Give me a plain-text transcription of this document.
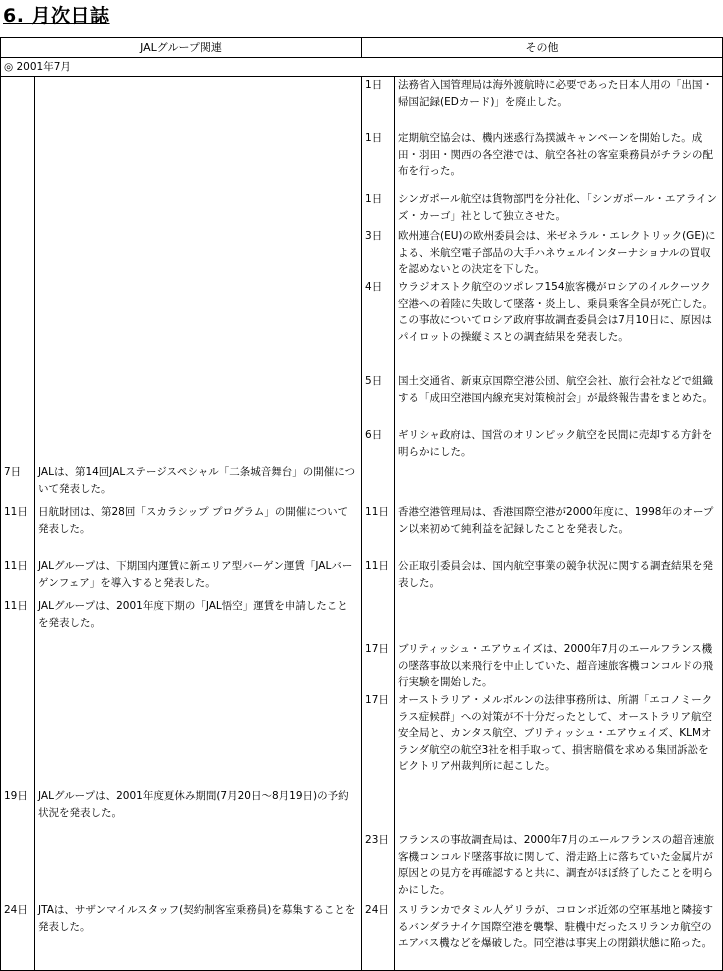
6. 月次日誌
JALグループ関連		その他	
◎ 2001年7月			
		1日	法務省入国管理局は海外渡航時に必要であった日本人用の「出国・帰国記録(EDカード)」を廃止した。
		1日	定期航空協会は、機内迷惑行為撲滅キャンペーンを開始した。成田・羽田・関西の各空港では、航空各社の客室乗務員がチラシの配布を行った。
		1日	シンガポール航空は貨物部門を分社化、「シンガポール・エアラインズ・カーゴ」社として独立させた。
		3日	欧州連合(EU)の欧州委員会は、米ゼネラル・エレクトリック(GE)による、米航空電子部品の大手ハネウェルインターナショナルの買収を認めないとの決定を下した。
		4日	ウラジオストク航空のツポレフ154旅客機がロシアのイルクーツク空港への着陸に失敗して墜落・炎上し、乗員乗客全員が死亡した。この事故についてロシア政府事故調査委員会は7月10日に、原因はパイロットの操縦ミスとの調査結果を発表した。
		5日	国土交通省、新東京国際空港公団、航空会社、旅行会社などで組織する「成田空港国内線充実対策検討会」が最終報告書をまとめた。
		6日	ギリシャ政府は、国営のオリンピック航空を民間に売却する方針を明らかにした。
7日	JALは、第14回JALステージスペシャル「二条城音舞台」の開催について発表した。		
11日	日航財団は、第28回「スカラシップ プログラム」の開催について発表した。	11日	香港空港管理局は、香港国際空港が2000年度に、1998年のオープン以来初めて純利益を記録したことを発表した。
11日	JALグループは、下期国内運賃に新エリア型バーゲン運賃「JALバーゲンフェア」を導入すると発表した。	11日	公正取引委員会は、国内航空事業の競争状況に関する調査結果を発表した。
11日	JALグループは、2001年度下期の「JAL悟空」運賃を申請したことを発表した。		
		17日	ブリティッシュ・エアウェイズは、2000年7月のエールフランス機の墜落事故以来飛行を中止していた、超音速旅客機コンコルドの飛行実験を開始した。
		17日	オーストラリア・メルボルンの法律事務所は、所謂「エコノミークラス症候群」への対策が不十分だったとして、オーストラリア航空安全局と、カンタス航空、ブリティッシュ・エアウェイズ、KLMオランダ航空の航空3社を相手取って、損害賠償を求める集団訴訟をビクトリア州裁判所に起こした。
19日	JALグループは、2001年度夏休み期間(7月20日～8月19日)の予約状況を発表した。		
		23日	フランスの事故調査局は、2000年7月のエールフランスの超音速旅客機コンコルド墜落事故に関して、滑走路上に落ちていた金属片が原因との見方を再確認すると共に、調査がほぼ終了したことを明らかにした。
24日	JTAは、サザンマイルスタッフ(契約制客室乗務員)を募集することを発表した。	24日	スリランカでタミル人ゲリラが、コロンボ近郊の空軍基地と隣接するバンダラナイケ国際空港を襲撃、駐機中だったスリランカ航空のエアバス機などを爆破した。同空港は事実上の閉鎖状態に陥った。
